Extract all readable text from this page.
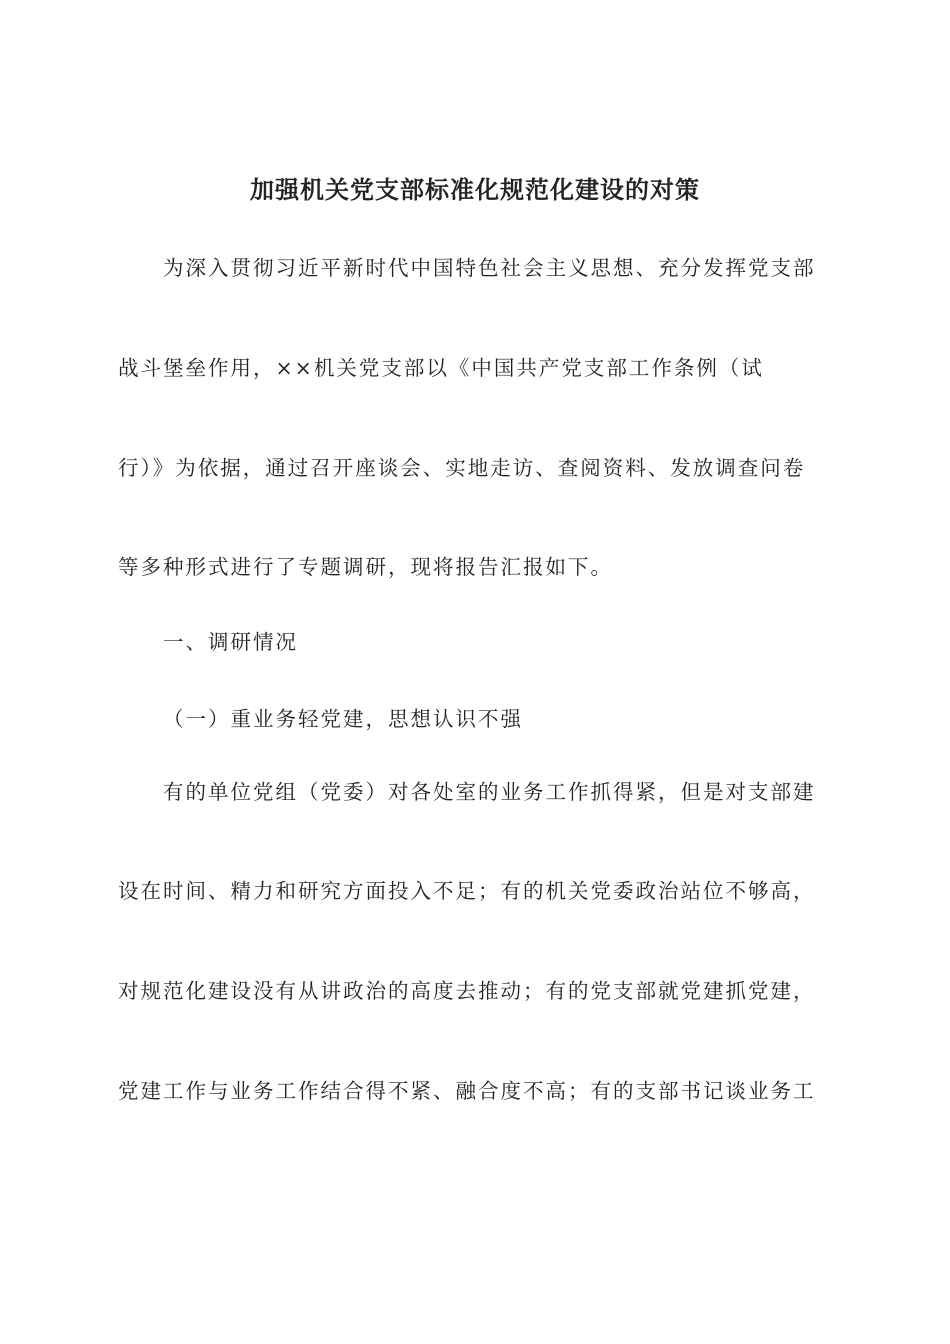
加强机关党支部标准化规范化建设的对策
为深入贯彻习近平新时代中国特色社会主义思想、充分发挥党支部
战斗堡垒作用，××机关党支部以《中国共产党支部工作条例（试
行）》为依据，通过召开座谈会、实地走访、查阅资料、发放调查问卷
等多种形式进行了专题调研，现将报告汇报如下。
一、调研情况
（一）重业务轻党建，思想认识不强
有的单位党组（党委）对各处室的业务工作抓得紧，但是对支部建
设在时间、精力和研究方面投入不足；有的机关党委政治站位不够高，
对规范化建设没有从讲政治的高度去推动；有的党支部就党建抓党建，
党建工作与业务工作结合得不紧、融合度不高；有的支部书记谈业务工
